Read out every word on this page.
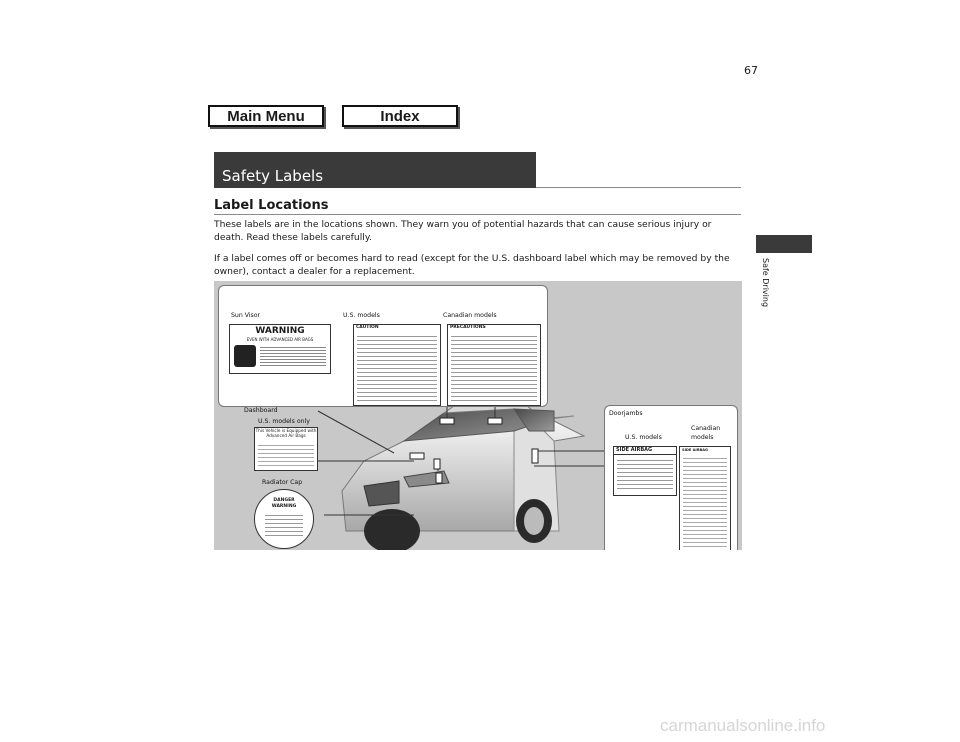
Main Menu	Index
67
Safety Labels
Safe Driving
Label Locations
These labels are in the locations shown. They warn you of potential hazards that can cause serious injury or death. Read these labels carefully.
If a label comes off or becomes hard to read (except for the U.S. dashboard label which may be removed by the owner), contact a dealer for a replacement.
Sun Visor	U.S. models	Canadian models
WARNING
EVEN WITH ADVANCED AIR BAGS
CAUTION	PRECAUTIONS
Dashboard
U.S. models only
This Vehicle is Equipped with
Advanced Air Bags
Radiator Cap
DANGER
WARNING
Doorjambs
U.S. models
Canadian
models
SIDE AIRBAG	SIDE AIRBAG
carmanualsonline.info
